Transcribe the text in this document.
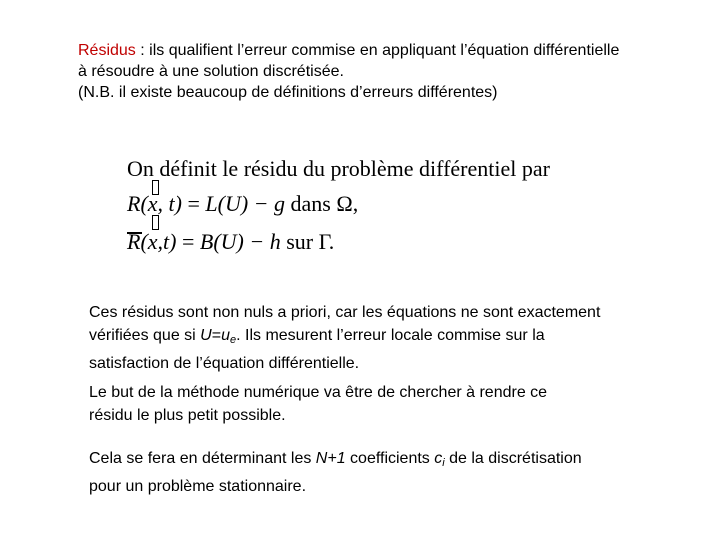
Résidus : ils qualifient l’erreur commise en appliquant l’équation différentielle
à résoudre à une solution discrétisée.
(N.B. il existe beaucoup de définitions d’erreurs différentes)
On définit le résidu du problème différentiel par
R(x, t) = L(U) − g dans Ω,
R(x,t) = B(U) − h sur Γ.
Ces résidus sont non nuls a priori, car les équations ne sont exactement
vérifiées que si $U=u_e$. Ils mesurent l’erreur locale commise sur la
satisfaction de l’équation différentielle.
Le but de la méthode numérique va être de chercher à rendre ce
résidu le plus petit possible.
Cela se fera en déterminant les N+1 coefficients $c_i$ de la discrétisation
pour un problème stationnaire.
